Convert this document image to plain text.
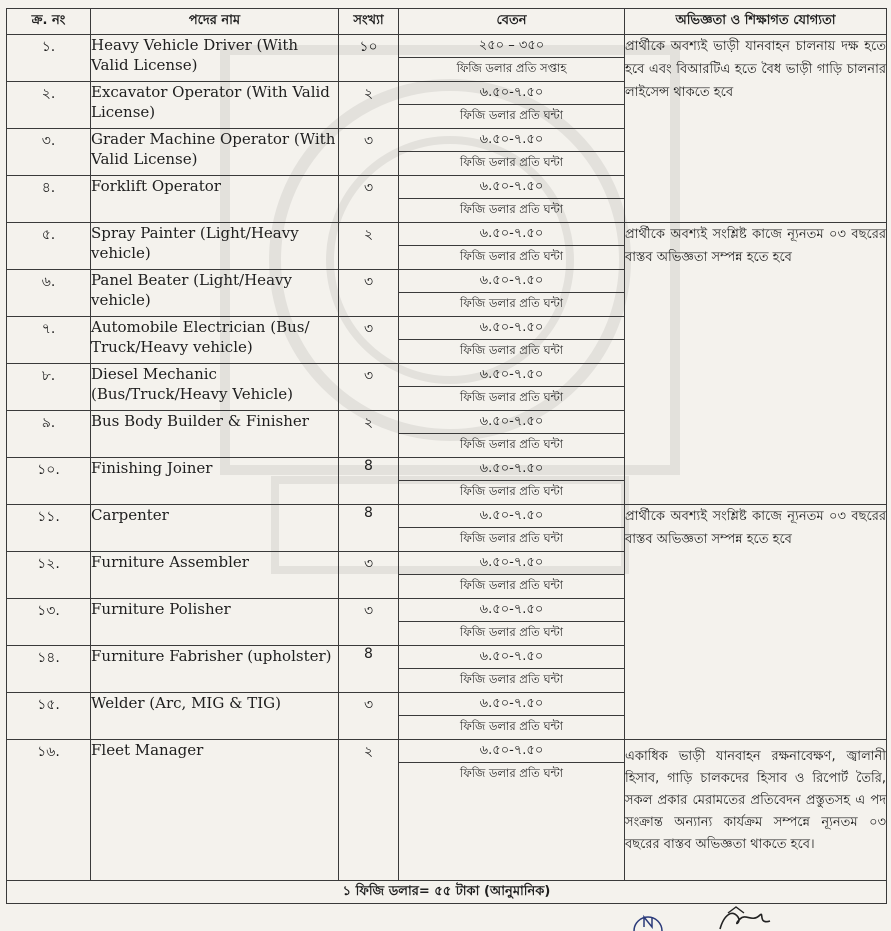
ক্র. নং	পদের নাম	সংখ্যা	বেতন	অভিজ্ঞতা ও শিক্ষাগত যোগ্যতা
১.	Heavy Vehicle Driver (With Valid License)	১০	২৫০ – ৩৫০
ফিজি ডলার প্রতি সপ্তাহ	প্রার্থীকে অবশ্যই ভাড়ী যানবাহন চালনায় দক্ষ হতে হবে এবং বিআরটিএ হতে বৈধ ভাড়ী গাড়ি চালনার লাইসেন্স থাকতে হবে
২.	Excavator Operator (With Valid License)	২	৬.৫০-৭.৫০
ফিজি ডলার প্রতি ঘন্টা	

৩.	Grader Machine Operator (With Valid License)	৩	৬.৫০-৭.৫০
ফিজি ডলার প্রতি ঘন্টা	

৪.	Forklift Operator	৩	৬.৫০-৭.৫০
ফিজি ডলার প্রতি ঘন্টা	

৫.	Spray Painter (Light/Heavy vehicle)	২	৬.৫০-৭.৫০
ফিজি ডলার প্রতি ঘন্টা	প্রার্থীকে অবশ্যই সংশ্লিষ্ট কাজে ন্যূনতম ০৩ বছরের বাস্তব অভিজ্ঞতা সম্পন্ন হতে হবে
৬.	Panel Beater (Light/Heavy vehicle)	৩	৬.৫০-৭.৫০
ফিজি ডলার প্রতি ঘন্টা	

৭.	Automobile Electrician (Bus/ Truck/Heavy vehicle)	৩	৬.৫০-৭.৫০
ফিজি ডলার প্রতি ঘন্টা	

৮.	Diesel Mechanic (Bus/Truck/Heavy Vehicle)	৩	৬.৫০-৭.৫০
ফিজি ডলার প্রতি ঘন্টা	

৯.	Bus Body Builder & Finisher	২	৬.৫০-৭.৫০
ফিজি ডলার প্রতি ঘন্টা	

১০.	Finishing Joiner	8	৬.৫০-৭.৫০
ফিজি ডলার প্রতি ঘন্টা	

১১.	Carpenter	8	৬.৫০-৭.৫০
ফিজি ডলার প্রতি ঘন্টা	প্রার্থীকে অবশ্যই সংশ্লিষ্ট কাজে ন্যূনতম ০৩ বছরের বাস্তব অভিজ্ঞতা সম্পন্ন হতে হবে
১২.	Furniture Assembler	৩	৬.৫০-৭.৫০
ফিজি ডলার প্রতি ঘন্টা	

১৩.	Furniture Polisher	৩	৬.৫০-৭.৫০
ফিজি ডলার প্রতি ঘন্টা	

১৪.	Furniture Fabrisher (upholster)	8	৬.৫০-৭.৫০
ফিজি ডলার প্রতি ঘন্টা	

১৫.	Welder (Arc, MIG & TIG)	৩	৬.৫০-৭.৫০
ফিজি ডলার প্রতি ঘন্টা	

১৬.	Fleet Manager	২	৬.৫০-৭.৫০
ফিজি ডলার প্রতি ঘন্টা	একাধিক ভাড়ী যানবাহন রক্ষনাবেক্ষণ, জ্বালানী হিসাব, গাড়ি চালকদের হিসাব ও রিপোর্ট তৈরি, সকল প্রকার মেরামতের প্রতিবেদন প্রস্তুতসহ এ পদ সংক্রান্ত অন্যান্য কার্যক্রম সম্পন্নে ন্যূনতম ০৩ বছরের বাস্তব অভিজ্ঞতা থাকতে হবে।
১ ফিজি ডলার= ৫৫ টাকা (আনুমানিক)				
